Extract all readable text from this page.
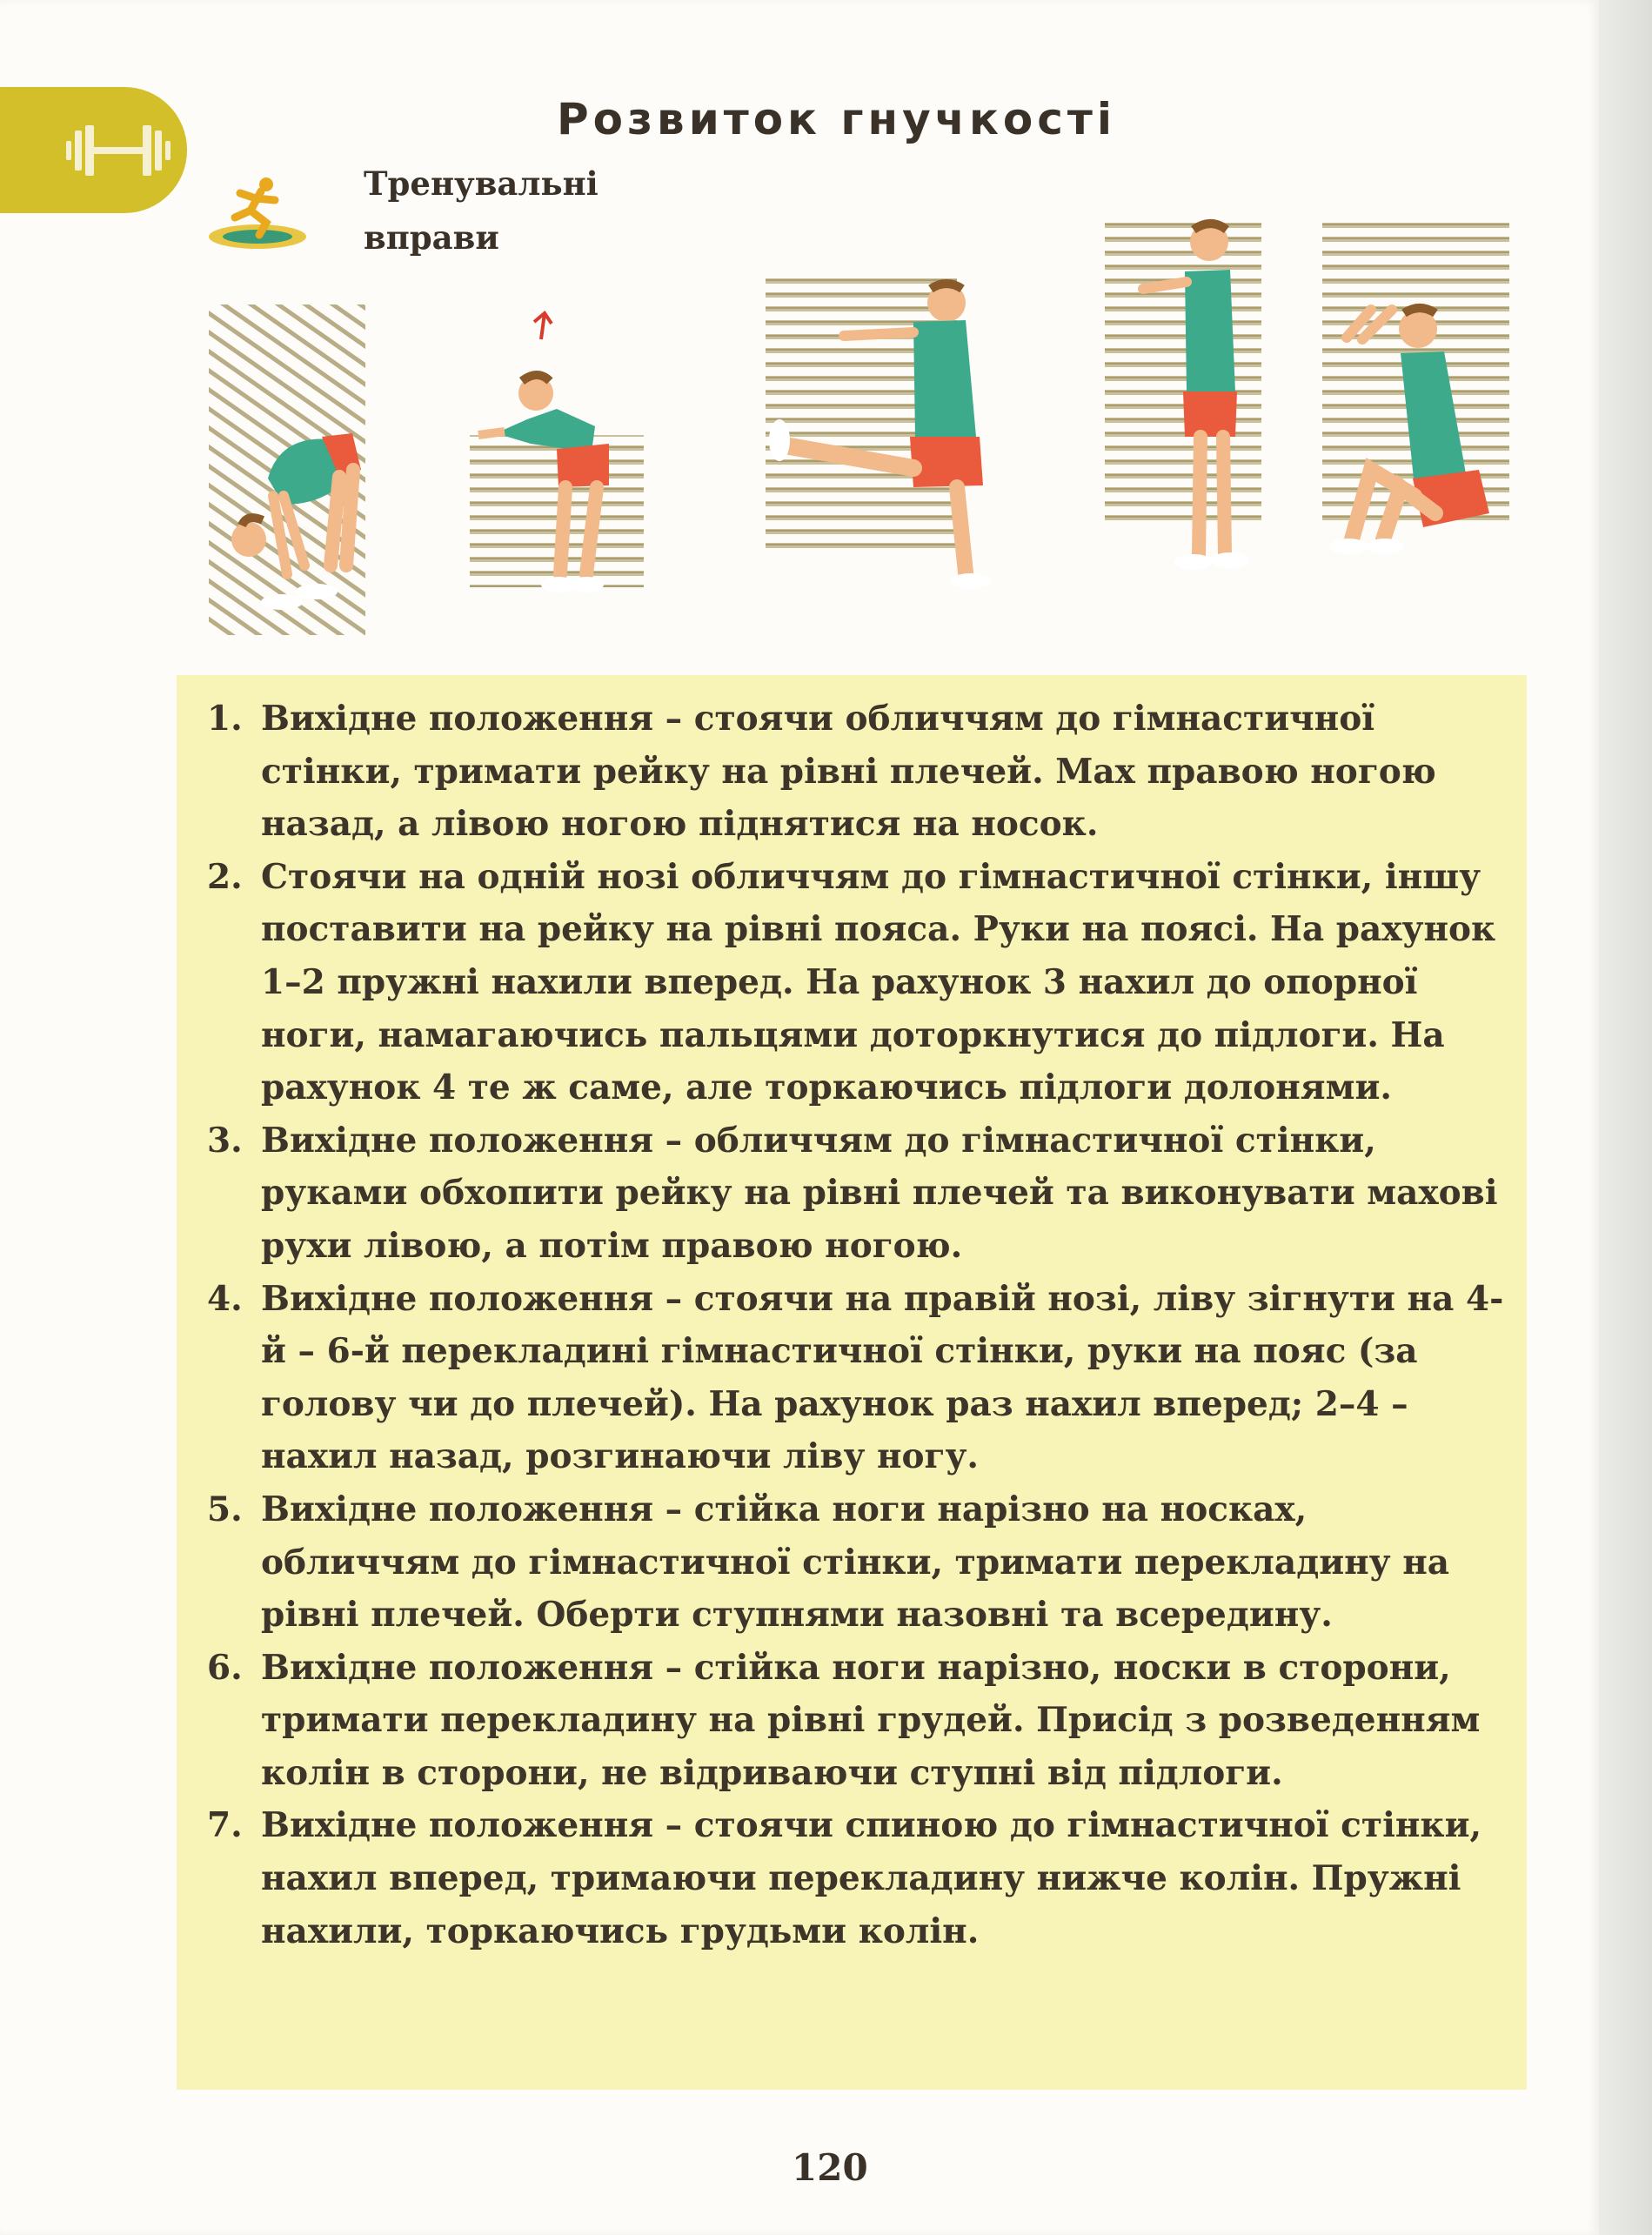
Розвиток гнучкості
Тренувальні
вправи
1. Вихідне положення – стоячи обличчям до гімнастичної стінки, тримати рейку на рівні плечей. Мах правою ногою назад, а лівою ногою піднятися на носок.
2. Стоячи на одній нозі обличчям до гімнастичної стінки, іншу поставити на рейку на рівні пояса. Руки на поясі. На рахунок 1–2 пружні нахили вперед. На рахунок 3 нахил до опорної ноги, намагаючись пальцями доторкнутися до підлоги. На рахунок 4 те ж саме, але торкаючись підлоги долонями.
3. Вихідне положення – обличчям до гімнастичної стінки, руками обхопити рейку на рівні плечей та виконувати махові рухи лівою, а потім правою ногою.
4. Вихідне положення – стоячи на правій нозі, ліву зігнути на 4-й – 6-й перекладині гімнастичної стінки, руки на пояс (за голову чи до плечей). На рахунок раз нахил вперед; 2–4 – нахил назад, розгинаючи ліву ногу.
5. Вихідне положення – стійка ноги нарізно на носках, обличчям до гімнастичної стінки, тримати перекладину на рівні плечей. Оберти ступнями назовні та всередину.
6. Вихідне положення – стійка ноги нарізно, носки в сторони, тримати перекладину на рівні грудей. Присід з розведенням колін в сторони, не відриваючи ступні від підлоги.
7. Вихідне положення – стоячи спиною до гімнастичної стінки, нахил вперед, тримаючи перекладину нижче колін. Пружні нахили, торкаючись грудьми колін.
120
